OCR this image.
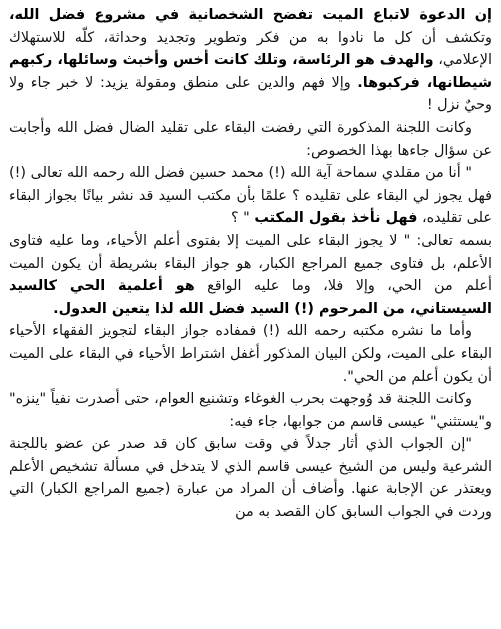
إن الدعوة لاتباع الميت تفضح الشخصانية في مشروع فضل الله، وتكشف أن كل ما نادوا به من فكر وتطوير وتجديد وحداثة، كلّه للاستهلاك الإعلامي، والهدف هو الرئاسة، وتلك كانت أخس وأخبث وسائلها، ركبهم شيطانها، فركبوها. وإلا فهم والدين على منطق ومقولة يزيد: لا خبر جاء ولا وحيٌ نزل !

وكانت اللجنة المذكورة التي رفضت البقاء على تقليد الضال فضل الله وأجابت عن سؤال جاءها بهذا الخصوص:

" أنا من مقلدي سماحة آية الله (!) محمد حسين فضل الله رحمه الله تعالى (!) فهل يجوز لي البقاء على تقليده ؟ علمًا بأن مكتب السيد قد نشر بيانًا بجواز البقاء على تقليده، فهل نأخذ بقول المكتب " ؟

بسمه تعالى: " لا يجوز البقاء على الميت إلا بفتوى أعلم الأحياء، وما عليه فتاوى الأعلم، بل فتاوى جميع المراجع الكبار، هو جواز البقاء بشريطة أن يكون الميت أعلم من الحي، وإلا فلا، وما عليه الواقع هو أعلمية الحي كالسيد السيستاني، من المرحوم (!) السيد فضل الله لذا يتعين العدول.

وأما ما نشره مكتبه رحمه الله (!) فمفاده جواز البقاء لتجويز الفقهاء الأحياء البقاء على الميت، ولكن البيان المذكور أغفل اشتراط الأحياء في البقاء على الميت أن يكون أعلم من الحي".

وكانت اللجنة قد وُوجهت بحرب الغوغاء وتشنيع العوام، حتى أصدرت نفياً "ينزه" و"يستثني" عيسى قاسم من جوابها، جاء فيه:

"إن الجواب الذي أثار جدلاً في وقت سابق كان قد صدر عن عضو باللجنة الشرعية وليس من الشيخ عيسى قاسم الذي لا يتدخل في مسألة تشخيص الأعلم ويعتذر عن الإجابة عنها. وأضاف أن المراد من عبارة (جميع المراجع الكبار) التي وردت في الجواب السابق كان القصد به من
